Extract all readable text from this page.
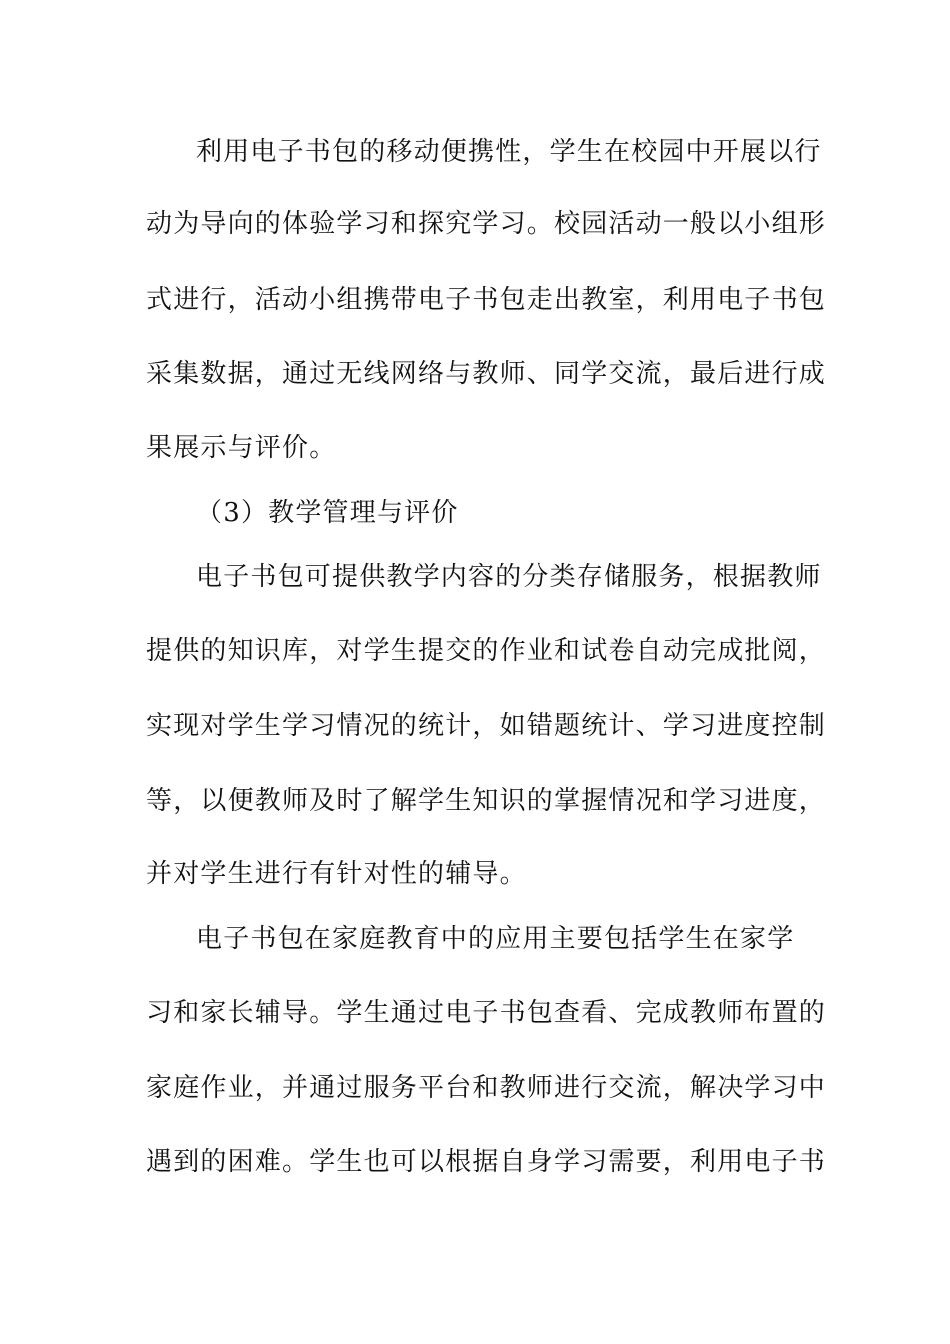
利用电子书包的移动便携性，学生在校园中开展以行
动为导向的体验学习和探究学习。校园活动一般以小组形
式进行，活动小组携带电子书包走出教室，利用电子书包
采集数据，通过无线网络与教师、同学交流，最后进行成
果展示与评价。
（3）教学管理与评价
电子书包可提供教学内容的分类存储服务，根据教师
提供的知识库，对学生提交的作业和试卷自动完成批阅，
实现对学生学习情况的统计，如错题统计、学习进度控制
等，以便教师及时了解学生知识的掌握情况和学习进度，
并对学生进行有针对性的辅导。
电子书包在家庭教育中的应用主要包括学生在家学
习和家长辅导。学生通过电子书包查看、完成教师布置的
家庭作业，并通过服务平台和教师进行交流，解决学习中
遇到的困难。学生也可以根据自身学习需要，利用电子书
